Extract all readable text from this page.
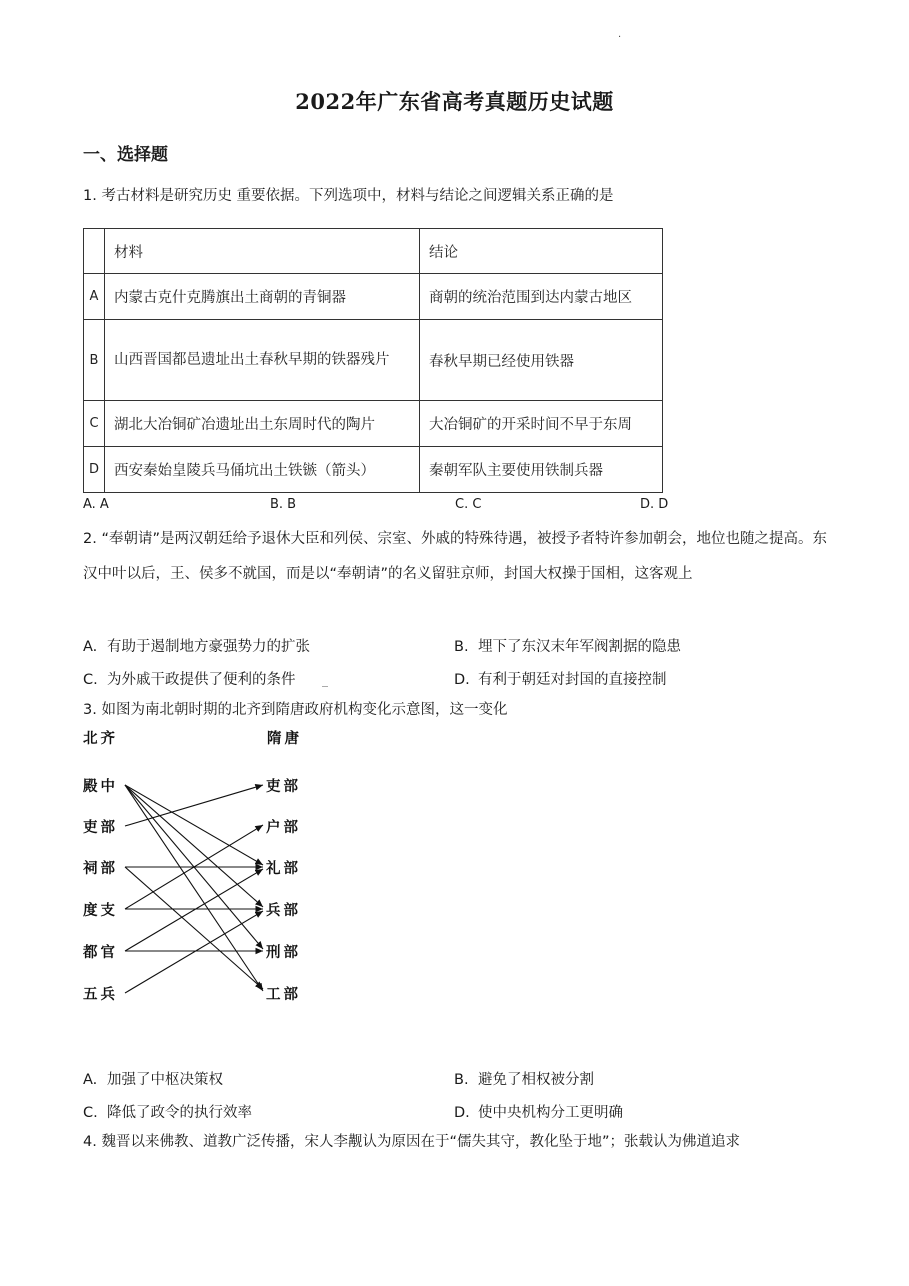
·
2022年广东省高考真题历史试题
一、选择题
1. 考古材料是研究历史 重要依据。下列选项中，材料与结论之间逻辑关系正确的是
	材料	结论
A	内蒙古克什克腾旗出土商朝的青铜器	商朝的统治范围到达内蒙古地区
B	山西晋国都邑遗址出土春秋早期的铁器残片	春秋早期已经使用铁器
C	湖北大冶铜矿冶遗址出土东周时代的陶片	大冶铜矿的开采时间不早于东周
D	西安秦始皇陵兵马俑坑出土铁镞（箭头）	秦朝军队主要使用铁制兵器
A. A	B. B	C. C	D. D
2. “奉朝请”是两汉朝廷给予退休大臣和列侯、宗室、外戚的特殊待遇，被授予者特许参加朝会，地位也随之提高。东汉中叶以后，王、侯多不就国，而是以“奉朝请”的名义留驻京师，封国大权操于国相，这客观上
A. 有助于遏制地方豪强势力的扩张	B. 埋下了东汉末年军阀割据的隐患
C. 为外戚干政提供了便利的条件	D. 有利于朝廷对封国的直接控制
3. 如图为南北朝时期的北齐到隋唐政府机构变化示意图，这一变化
北齐	隋唐
殿中
吏部
祠部
度支
都官
五兵
吏部
户部
礼部
兵部
刑部
工部
A. 加强了中枢决策权	B. 避免了相权被分割
C. 降低了政令的执行效率	D. 使中央机构分工更明确
4. 魏晋以来佛教、道教广泛传播，宋人李觏认为原因在于“儒失其守，教化坠于地”；张载认为佛道追求
